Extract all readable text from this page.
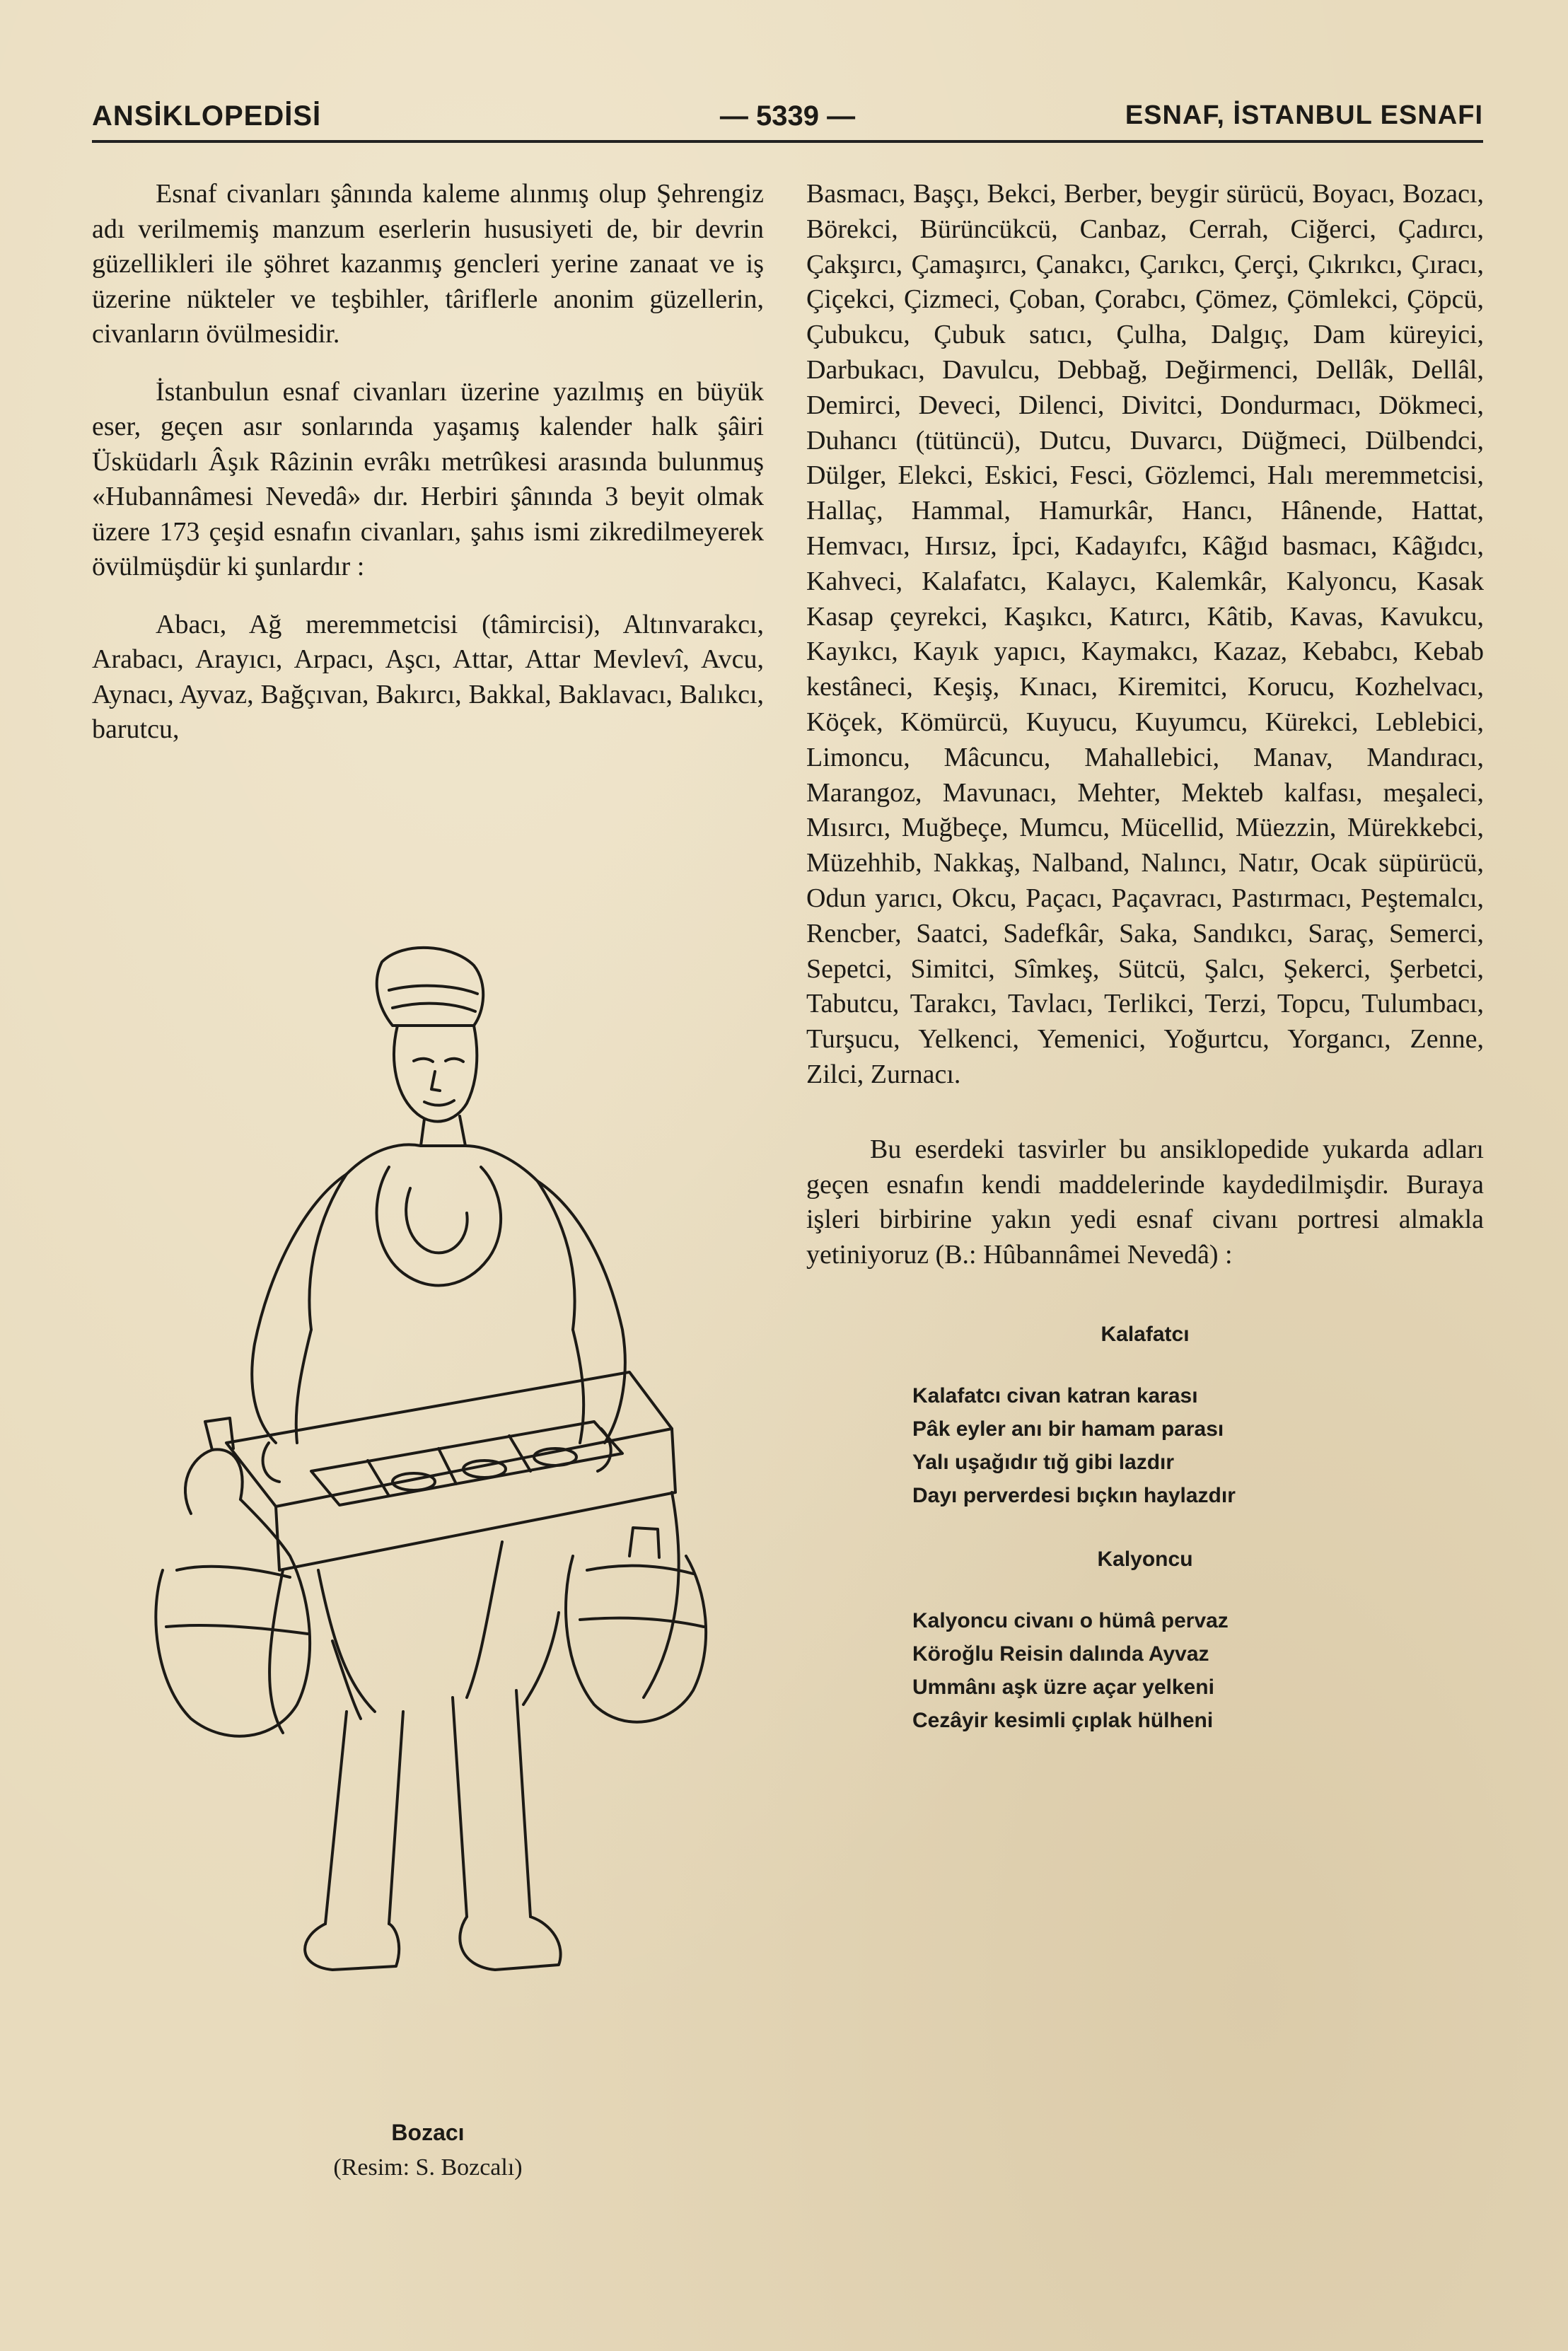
ANSİKLOPEDİSİ	— 5339 —	ESNAF, İSTANBUL ESNAFI

Esnaf civanları şânında kaleme alınmış olup Şehrengiz adı verilmemiş manzum eserlerin hususiyeti de, bir devrin güzellikleri ile şöhret kazanmış gencleri yerine zanaat ve iş üzerine nükteler ve teşbihler, târiflerle anonim güzellerin, civanların övülmesidir.

İstanbulun esnaf civanları üzerine yazılmış en büyük eser, geçen asır sonlarında yaşamış kalender halk şâiri Üsküdarlı Âşık Râzinin evrâkı metrûkesi arasında bulunmuş «Hubannâmesi Nevedâ» dır. Herbiri şânında 3 beyit olmak üzere 173 çeşid esnafın civanları, şahıs ismi zikredilmeyerek övülmüşdür ki şunlardır :

Abacı, Ağ meremmetcisi (tâmircisi), Altınvarakcı, Arabacı, Arayıcı, Arpacı, Aşcı, Attar, Attar Mevlevî, Avcu, Aynacı, Ayvaz, Bağçıvan, Bakırcı, Bakkal, Baklavacı, Balıkcı, barutcu,

Bozacı
(Resim: S. Bozcalı)

Basmacı, Başçı, Bekci, Berber, beygir sürücü, Boyacı, Bozacı, Börekci, Bürüncükcü, Canbaz, Cerrah, Ciğerci, Çadırcı, Çakşırcı, Çamaşırcı, Çanakcı, Çarıkcı, Çerçi, Çıkrıkcı, Çıracı, Çiçekci, Çizmeci, Çoban, Çorabcı, Çömez, Çömlekci, Çöpcü, Çubukcu, Çubuk satıcı, Çulha, Dalgıç, Dam küreyici, Darbukacı, Davulcu, Debbağ, Değirmenci, Dellâk, Dellâl, Demirci, Deveci, Dilenci, Divitci, Dondurmacı, Dökmeci, Duhancı (tütüncü), Dutcu, Duvarcı, Düğmeci, Dülbendci, Dülger, Elekci, Eskici, Fesci, Gözlemci, Halı meremmetcisi, Hallaç, Hammal, Hamurkâr, Hancı, Hânende, Hattat, Hemvacı, Hırsız, İpci, Kadayıfcı, Kâğıd basmacı, Kâğıdcı, Kahveci, Kalafatcı, Kalaycı, Kalemkâr, Kalyoncu, Kasak Kasap çeyrekci, Kaşıkcı, Katırcı, Kâtib, Kavas, Kavukcu, Kayıkcı, Kayık yapıcı, Kaymakcı, Kazaz, Kebabcı, Kebab kestâneci, Keşiş, Kınacı, Kiremitci, Korucu, Kozhelvacı, Köçek, Kömürcü, Kuyucu, Kuyumcu, Kürekci, Leblebici, Limoncu, Mâcuncu, Mahallebici, Manav, Mandıracı, Marangoz, Mavunacı, Mehter, Mekteb kalfası, meşaleci, Mısırcı, Muğbeçe, Mumcu, Mücellid, Müezzin, Mürekkebci, Müzehhib, Nakkaş, Nalband, Nalıncı, Natır, Ocak süpürücü, Odun yarıcı, Okcu, Paçacı, Paçavracı, Pastırmacı, Peştemalcı, Rencber, Saatci, Sadefkâr, Saka, Sandıkcı, Saraç, Semerci, Sepetci, Simitci, Sîmkeş, Sütcü, Şalcı, Şekerci, Şerbetci, Tabutcu, Tarakcı, Tavlacı, Terlikci, Terzi, Topcu, Tulumbacı, Turşucu, Yelkenci, Yemenici, Yoğurtcu, Yorgancı, Zenne, Zilci, Zurnacı.

Bu eserdeki tasvirler bu ansiklopedide yukarda adları geçen esnafın kendi maddelerinde kaydedilmişdir. Buraya işleri birbirine yakın yedi esnaf civanı portresi almakla yetiniyoruz (B.: Hûbannâmei Nevedâ) :

Kalafatcı
Kalafatcı civan katran karası
Pâk eyler anı bir hamam parası
Yalı uşağıdır tığ gibi lazdır
Dayı perverdesi bıçkın haylazdır
Kalyoncu
Kalyoncu civanı o hümâ pervaz
Köroğlu Reisin dalında Ayvaz
Ummânı aşk üzre açar yelkeni
Cezâyir kesimli çıplak hülheni
